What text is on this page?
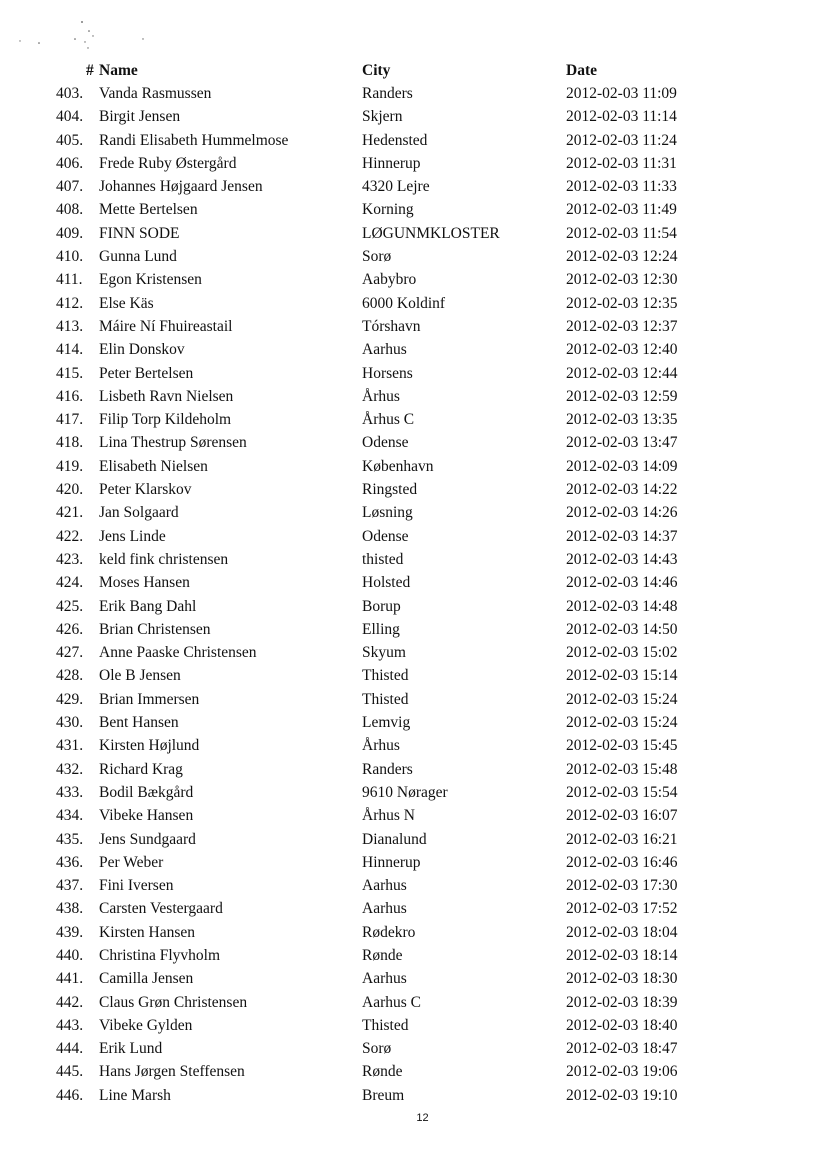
# Name	City	Date
403.	Vanda Rasmussen	Randers	2012-02-03 11:09
404.	Birgit Jensen	Skjern	2012-02-03 11:14
405.	Randi Elisabeth Hummelmose	Hedensted	2012-02-03 11:24
406.	Frede Ruby Østergård	Hinnerup	2012-02-03 11:31
407.	Johannes Højgaard Jensen	4320 Lejre	2012-02-03 11:33
408.	Mette Bertelsen	Korning	2012-02-03 11:49
409.	FINN SODE	LØGUNMKLOSTER	2012-02-03 11:54
410.	Gunna Lund	Sorø	2012-02-03 12:24
411.	Egon Kristensen	Aabybro	2012-02-03 12:30
412.	Else Käs	6000 Koldinf	2012-02-03 12:35
413.	Máire Ní Fhuireastail	Tórshavn	2012-02-03 12:37
414.	Elin Donskov	Aarhus	2012-02-03 12:40
415.	Peter Bertelsen	Horsens	2012-02-03 12:44
416.	Lisbeth Ravn Nielsen	Århus	2012-02-03 12:59
417.	Filip Torp Kildeholm	Århus C	2012-02-03 13:35
418.	Lina Thestrup Sørensen	Odense	2012-02-03 13:47
419.	Elisabeth Nielsen	København	2012-02-03 14:09
420.	Peter Klarskov	Ringsted	2012-02-03 14:22
421.	Jan Solgaard	Løsning	2012-02-03 14:26
422.	Jens Linde	Odense	2012-02-03 14:37
423.	keld fink christensen	thisted	2012-02-03 14:43
424.	Moses Hansen	Holsted	2012-02-03 14:46
425.	Erik Bang Dahl	Borup	2012-02-03 14:48
426.	Brian Christensen	Elling	2012-02-03 14:50
427.	Anne Paaske Christensen	Skyum	2012-02-03 15:02
428.	Ole B Jensen	Thisted	2012-02-03 15:14
429.	Brian Immersen	Thisted	2012-02-03 15:24
430.	Bent Hansen	Lemvig	2012-02-03 15:24
431.	Kirsten Højlund	Århus	2012-02-03 15:45
432.	Richard Krag	Randers	2012-02-03 15:48
433.	Bodil Bækgård	9610 Nørager	2012-02-03 15:54
434.	Vibeke Hansen	Århus N	2012-02-03 16:07
435.	Jens Sundgaard	Dianalund	2012-02-03 16:21
436.	Per Weber	Hinnerup	2012-02-03 16:46
437.	Fini Iversen	Aarhus	2012-02-03 17:30
438.	Carsten Vestergaard	Aarhus	2012-02-03 17:52
439.	Kirsten Hansen	Rødekro	2012-02-03 18:04
440.	Christina Flyvholm	Rønde	2012-02-03 18:14
441.	Camilla Jensen	Aarhus	2012-02-03 18:30
442.	Claus Grøn Christensen	Aarhus C	2012-02-03 18:39
443.	Vibeke Gylden	Thisted	2012-02-03 18:40
444.	Erik Lund	Sorø	2012-02-03 18:47
445.	Hans Jørgen Steffensen	Rønde	2012-02-03 19:06
446.	Line Marsh	Breum	2012-02-03 19:10
12
